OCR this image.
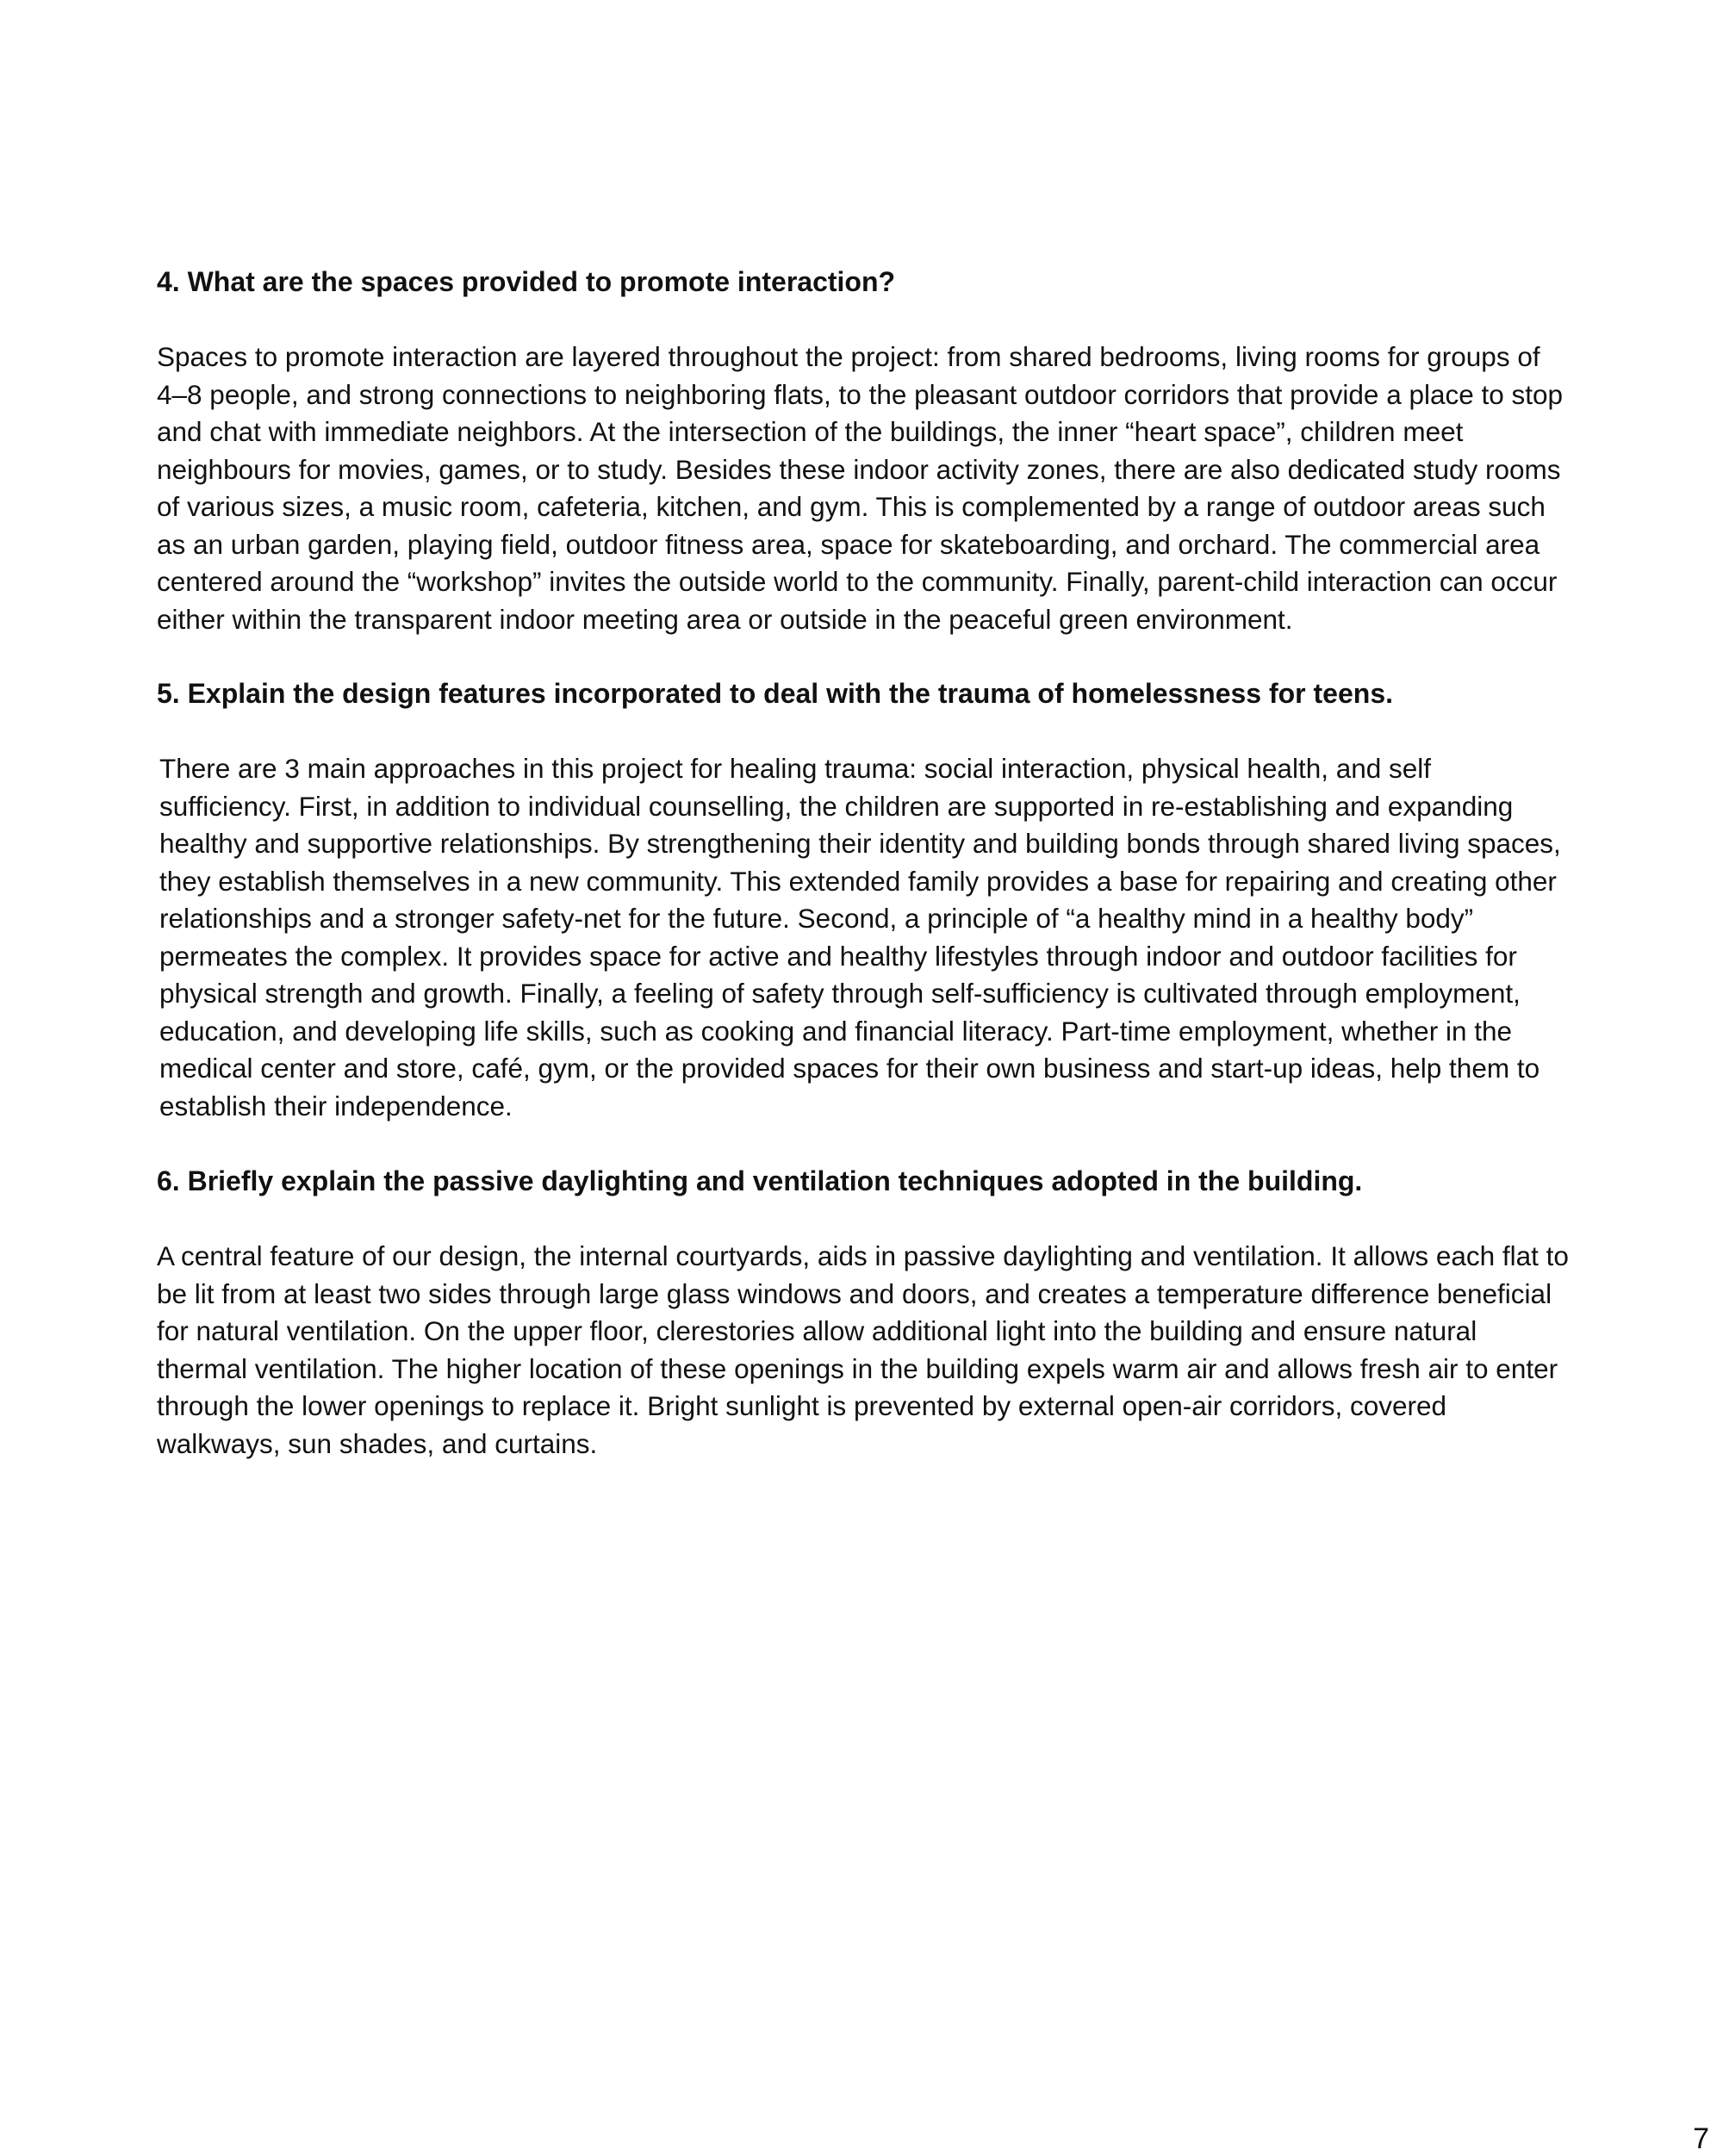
4. What are the spaces provided to promote interaction?

Spaces to promote interaction are layered throughout the project: from shared bedrooms, living rooms for groups of 4–8 people, and strong connections to neighboring flats, to the pleasant outdoor corridors that provide a place to stop and chat with immediate neighbors. At the intersection of the buildings, the inner “heart space”, children meet neighbours for movies, games, or to study. Besides these indoor activity zones, there are also dedicated study rooms of various sizes, a music room, cafeteria, kitchen, and gym. This is complemented by a range of outdoor areas such as an urban garden, playing field, outdoor fitness area, space for skateboarding, and orchard. The commercial area centered around the “workshop” invites the outside world to the community. Finally, parent-child interaction can occur either within the transparent indoor meeting area or outside in the peaceful green environment.

5. Explain the design features incorporated to deal with the trauma of homelessness for teens.

There are 3 main approaches in this project for healing trauma: social interaction, physical health, and self sufficiency. First, in addition to individual counselling, the children are supported in re-establishing and expanding healthy and supportive relationships. By strengthening their identity and building bonds through shared living spaces, they establish themselves in a new community. This extended family provides a base for repairing and creating other relationships and a stronger safety-net for the future. Second, a principle of “a healthy mind in a healthy body” permeates the complex. It provides space for active and healthy lifestyles through indoor and outdoor facilities for physical strength and growth. Finally, a feeling of safety through self-sufficiency is cultivated through employment, education, and developing life skills, such as cooking and financial literacy. Part-time employment, whether in the medical center and store, café, gym, or the provided spaces for their own business and start-up ideas, help them to establish their independence.

6. Briefly explain the passive daylighting and ventilation techniques adopted in the building.

A central feature of our design, the internal courtyards, aids in passive daylighting and ventilation. It allows each flat to be lit from at least two sides through large glass windows and doors, and creates a temperature difference beneficial for natural ventilation. On the upper floor, clerestories allow additional light into the building and ensure natural thermal ventilation. The higher location of these openings in the building expels warm air and allows fresh air to enter through the lower openings to replace it. Bright sunlight is prevented by external open-air corridors, covered walkways, sun shades, and curtains.

7
